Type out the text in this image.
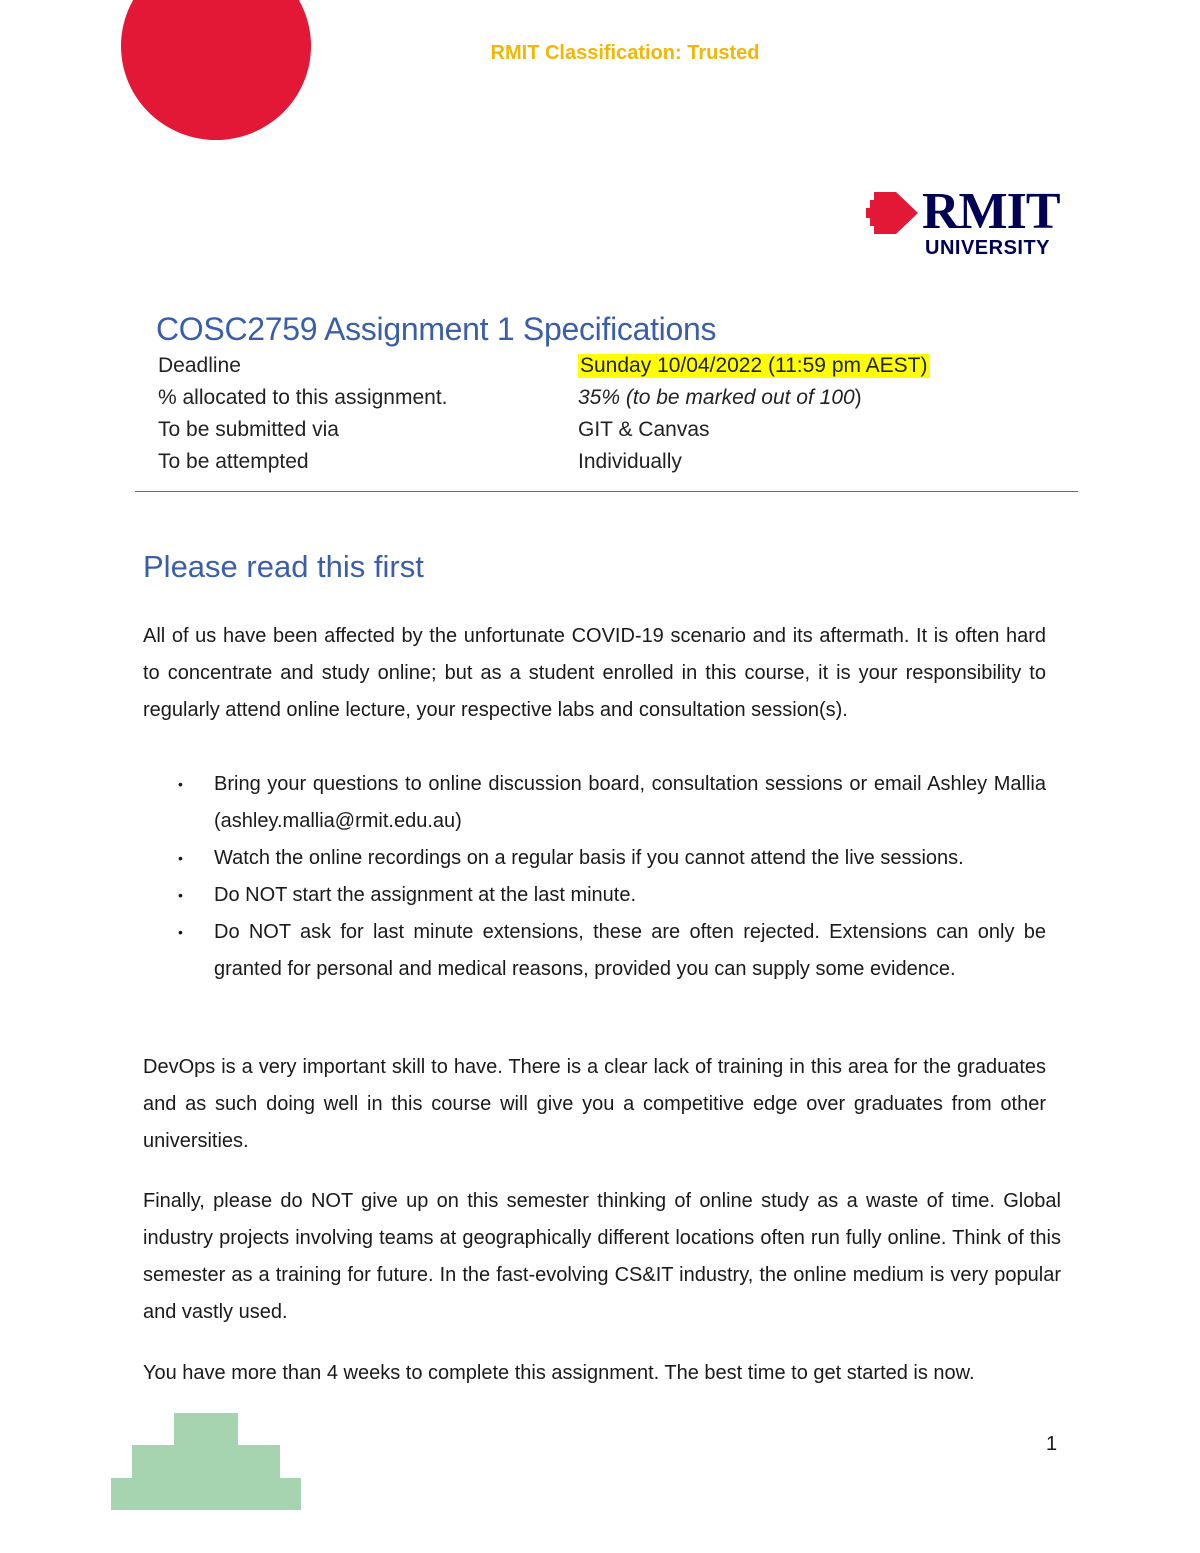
RMIT Classification: Trusted
RMIT
UNIVERSITY
COSC2759 Assignment 1 Specifications
Deadline	Sunday 10/04/2022 (11:59 pm AEST)
% allocated to this assignment.	35% (to be marked out of 100)
To be submitted via	GIT & Canvas
To be attempted	Individually
Please read this first
All of us have been affected by the unfortunate COVID-19 scenario and its aftermath. It is often hard to concentrate and study online; but as a student enrolled in this course, it is your responsibility to regularly attend online lecture, your respective labs and consultation session(s).
• Bring your questions to online discussion board, consultation sessions or email Ashley Mallia (ashley.mallia@rmit.edu.au)
• Watch the online recordings on a regular basis if you cannot attend the live sessions.
• Do NOT start the assignment at the last minute.
• Do NOT ask for last minute extensions, these are often rejected. Extensions can only be granted for personal and medical reasons, provided you can supply some evidence.
DevOps is a very important skill to have. There is a clear lack of training in this area for the graduates and as such doing well in this course will give you a competitive edge over graduates from other universities.
Finally, please do NOT give up on this semester thinking of online study as a waste of time. Global industry projects involving teams at geographically different locations often run fully online. Think of this semester as a training for future. In the fast-evolving CS&IT industry, the online medium is very popular and vastly used.
You have more than 4 weeks to complete this assignment. The best time to get started is now.
1
